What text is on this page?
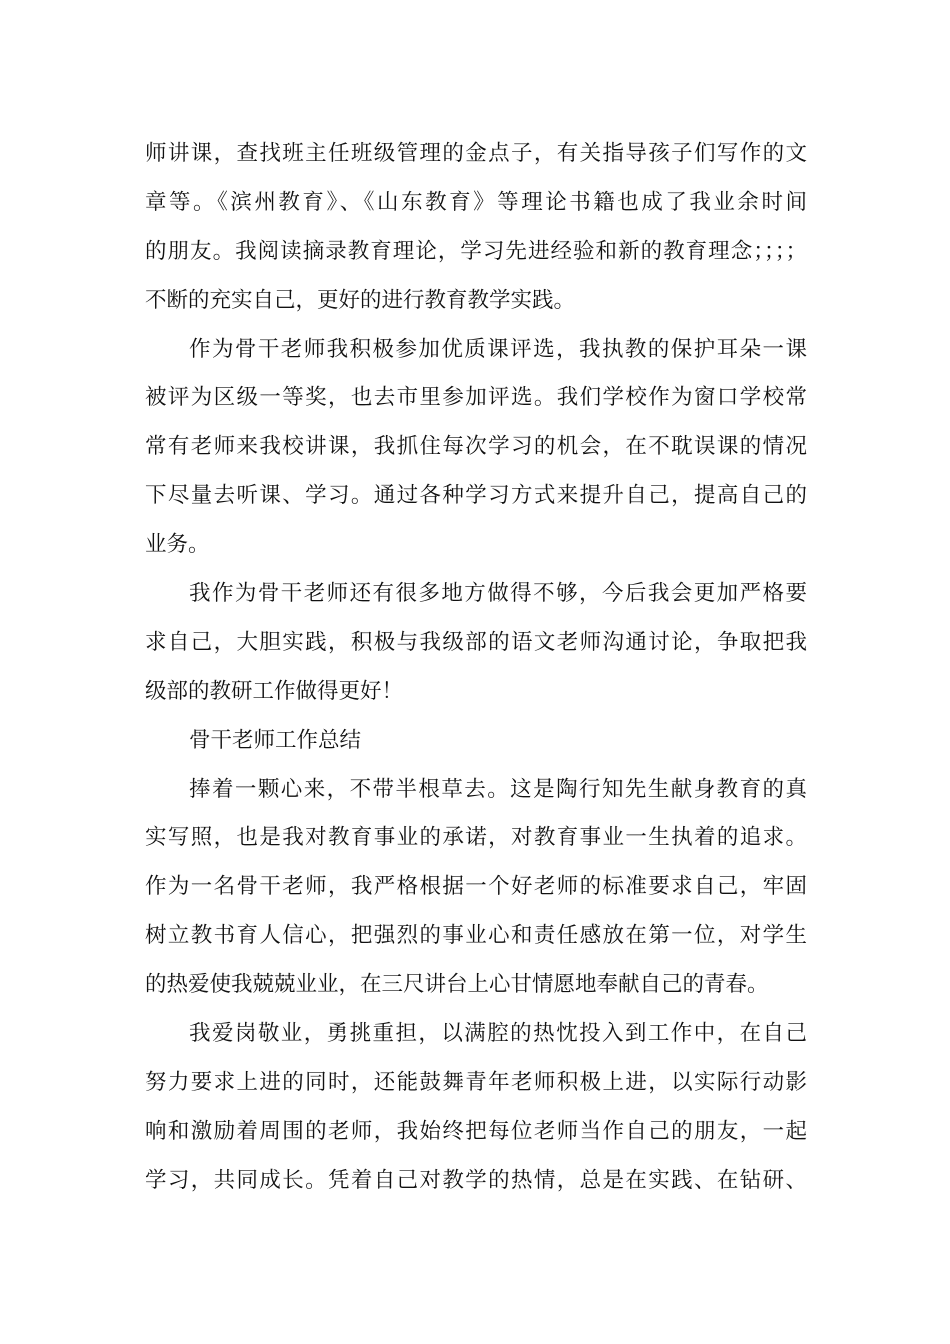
师讲课，查找班主任班级管理的金点子，有关指导孩子们写作的文
章等。《滨州教育》、《山东教育》等理论书籍也成了我业余时间
的朋友。我阅读摘录教育理论，学习先进经验和新的教育理念；；；；
不断的充实自己，更好的进行教育教学实践。
作为骨干老师我积极参加优质课评选，我执教的保护耳朵一课
被评为区级一等奖，也去市里参加评选。我们学校作为窗口学校常
常有老师来我校讲课，我抓住每次学习的机会，在不耽误课的情况
下尽量去听课、学习。通过各种学习方式来提升自己，提高自己的
业务。
我作为骨干老师还有很多地方做得不够，今后我会更加严格要
求自己，大胆实践，积极与我级部的语文老师沟通讨论，争取把我
级部的教研工作做得更好！
骨干老师工作总结
捧着一颗心来，不带半根草去。这是陶行知先生献身教育的真
实写照，也是我对教育事业的承诺，对教育事业一生执着的追求。
作为一名骨干老师，我严格根据一个好老师的标准要求自己，牢固
树立教书育人信心，把强烈的事业心和责任感放在第一位，对学生
的热爱使我兢兢业业，在三尺讲台上心甘情愿地奉献自己的青春。
我爱岗敬业，勇挑重担，以满腔的热忱投入到工作中，在自己
努力要求上进的同时，还能鼓舞青年老师积极上进，以实际行动影
响和激励着周围的老师，我始终把每位老师当作自己的朋友，一起
学习，共同成长。凭着自己对教学的热情，总是在实践、在钻研、
